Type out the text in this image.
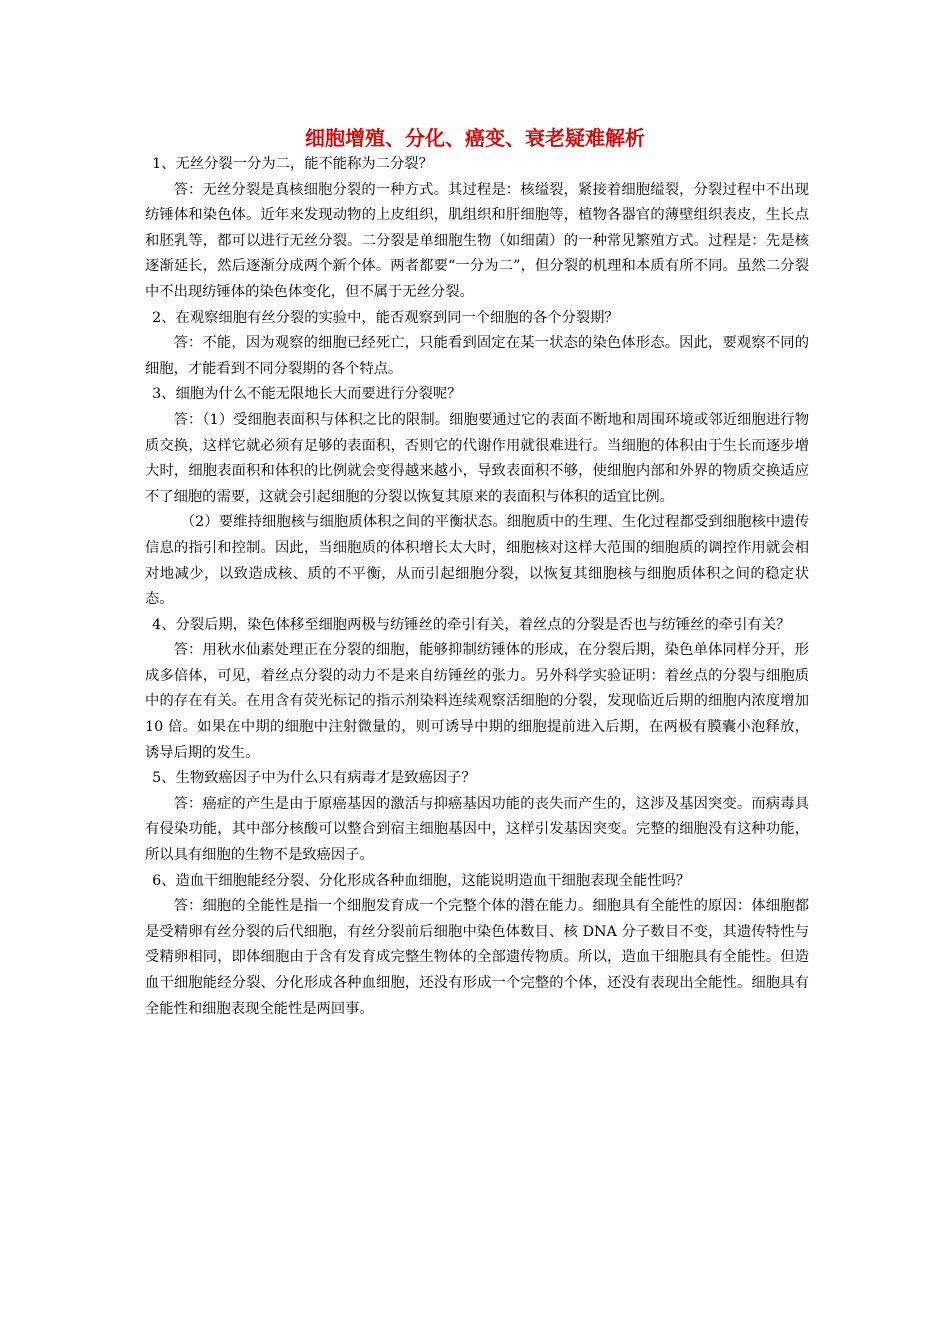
细胞增殖、分化、癌变、衰老疑难解析

1、无丝分裂一分为二，能不能称为二分裂？

答：无丝分裂是真核细胞分裂的一种方式。其过程是：核缢裂，紧接着细胞缢裂，分裂过程中不出现纺锤体和染色体。近年来发现动物的上皮组织，肌组织和肝细胞等，植物各器官的薄壁组织表皮，生长点和胚乳等，都可以进行无丝分裂。二分裂是单细胞生物（如细菌）的一种常见繁殖方式。过程是：先是核逐渐延长，然后逐渐分成两个新个体。两者都要“一分为二”，但分裂的机理和本质有所不同。虽然二分裂中不出现纺锤体的染色体变化，但不属于无丝分裂。

2、在观察细胞有丝分裂的实验中，能否观察到同一个细胞的各个分裂期？

答：不能，因为观察的细胞已经死亡，只能看到固定在某一状态的染色体形态。因此，要观察不同的细胞，才能看到不同分裂期的各个特点。

3、细胞为什么不能无限地长大而要进行分裂呢？

答：（1）受细胞表面积与体积之比的限制。细胞要通过它的表面不断地和周围环境或邻近细胞进行物质交换，这样它就必须有足够的表面积，否则它的代谢作用就很难进行。当细胞的体积由于生长而逐步增大时，细胞表面积和体积的比例就会变得越来越小，导致表面积不够，使细胞内部和外界的物质交换适应不了细胞的需要，这就会引起细胞的分裂以恢复其原来的表面积与体积的适宜比例。

（2）要维持细胞核与细胞质体积之间的平衡状态。细胞质中的生理、生化过程都受到细胞核中遗传信息的指引和控制。因此，当细胞质的体积增长太大时，细胞核对这样大范围的细胞质的调控作用就会相对地减少，以致造成核、质的不平衡，从而引起细胞分裂，以恢复其细胞核与细胞质体积之间的稳定状态。

4、分裂后期，染色体移至细胞两极与纺锤丝的牵引有关，着丝点的分裂是否也与纺锤丝的牵引有关？

答：用秋水仙素处理正在分裂的细胞，能够抑制纺锤体的形成，在分裂后期，染色单体同样分开，形成多倍体，可见，着丝点分裂的动力不是来自纺锤丝的张力。另外科学实验证明：着丝点的分裂与细胞质中的存在有关。在用含有荧光标记的指示剂染料连续观察活细胞的分裂，发现临近后期的细胞内浓度增加 10 倍。如果在中期的细胞中注射微量的，则可诱导中期的细胞提前进入后期，在两极有膜囊小泡释放，诱导后期的发生。

5、生物致癌因子中为什么只有病毒才是致癌因子？

答：癌症的产生是由于原癌基因的激活与抑癌基因功能的丧失而产生的，这涉及基因突变。而病毒具有侵染功能，其中部分核酸可以整合到宿主细胞基因中，这样引发基因突变。完整的细胞没有这种功能，所以具有细胞的生物不是致癌因子。

6、造血干细胞能经分裂、分化形成各种血细胞，这能说明造血干细胞表现全能性吗？

答：细胞的全能性是指一个细胞发育成一个完整个体的潜在能力。细胞具有全能性的原因：体细胞都是受精卵有丝分裂的后代细胞，有丝分裂前后细胞中染色体数目、核 DNA 分子数目不变，其遗传特性与受精卵相同，即体细胞由于含有发育成完整生物体的全部遗传物质。所以，造血干细胞具有全能性。但造血干细胞能经分裂、分化形成各种血细胞，还没有形成一个完整的个体，还没有表现出全能性。细胞具有全能性和细胞表现全能性是两回事。
